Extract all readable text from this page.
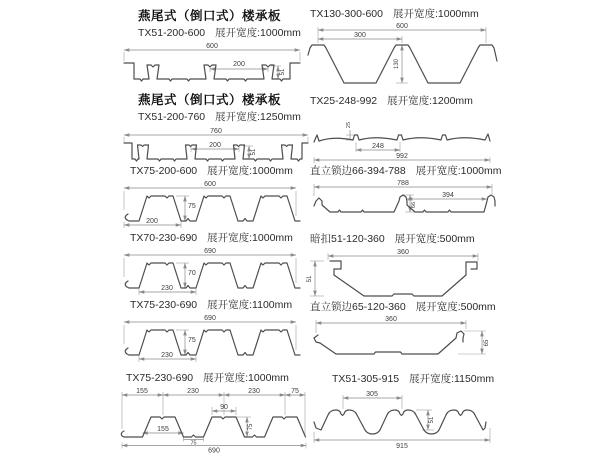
燕尾式（倒口式）楼承板
TX51-200-600 展开宽度:1000mm
600
200
51
燕尾式（倒口式）楼承板
TX51-200-760 展开宽度:1250mm
760
200
51
TX75-200-600 展开宽度:1000mm
600
75
200
TX70-230-690 展开宽度:1000mm
690
70
230
TX75-230-690 展开宽度:1100mm
690
75
230
TX75-230-690 展开宽度:1000mm
155	230	230	75
90
155
75
75
690
TX130-300-600 展开宽度:1000mm
600
300
130
TX25-248-992 展开宽度:1200mm
25
248
992
直立锁边66-394-788 展开宽度:1000mm
788
394
66
暗扣51-120-360 展开宽度:500mm
360
51
直立锁边65-120-360 展开宽度:500mm
360
65
TX51-305-915 展开宽度:1150mm
305
51
915
